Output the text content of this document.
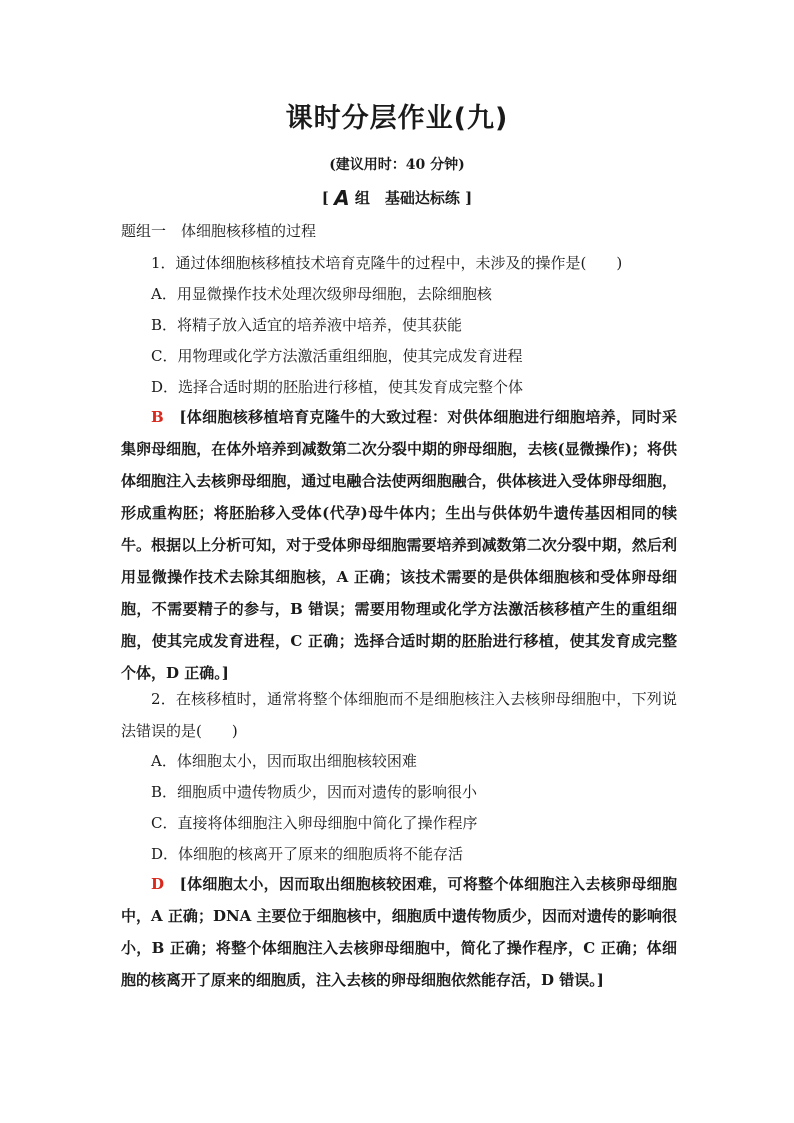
课时分层作业(九)
(建议用时：40 分钟)
[ A 组　基础达标练 ]
题组一　体细胞核移植的过程
1．通过体细胞核移植技术培育克隆牛的过程中，未涉及的操作是(　　)
A．用显微操作技术处理次级卵母细胞，去除细胞核
B．将精子放入适宜的培养液中培养，使其获能
C．用物理或化学方法激活重组细胞，使其完成发育进程
D．选择合适时期的胚胎进行移植，使其发育成完整个体
B　 [体细胞核移植培育克隆牛的大致过程：对供体细胞进行细胞培养，同时采集卵母细胞，在体外培养到减数第二次分裂中期的卵母细胞，去核(显微操作)；将供体细胞注入去核卵母细胞，通过电融合法使两细胞融合，供体核进入受体卵母细胞，形成重构胚；将胚胎移入受体(代孕)母牛体内；生出与供体奶牛遗传基因相同的犊牛。根据以上分析可知，对于受体卵母细胞需要培养到减数第二次分裂中期，然后利用显微操作技术去除其细胞核，A 正确；该技术需要的是供体细胞核和受体卵母细胞，不需要精子的参与，B 错误；需要用物理或化学方法激活核移植产生的重组细胞，使其完成发育进程，C 正确；选择合适时期的胚胎进行移植，使其发育成完整个体，D 正确。]
2．在核移植时，通常将整个体细胞而不是细胞核注入去核卵母细胞中，下列说法错误的是(　　)
A．体细胞太小，因而取出细胞核较困难
B．细胞质中遗传物质少，因而对遗传的影响很小
C．直接将体细胞注入卵母细胞中简化了操作程序
D．体细胞的核离开了原来的细胞质将不能存活
D　 [体细胞太小，因而取出细胞核较困难，可将整个体细胞注入去核卵母细胞中，A 正确；DNA 主要位于细胞核中，细胞质中遗传物质少，因而对遗传的影响很小，B 正确；将整个体细胞注入去核卵母细胞中，简化了操作程序，C 正确；体细胞的核离开了原来的细胞质，注入去核的卵母细胞依然能存活，D 错误。]
